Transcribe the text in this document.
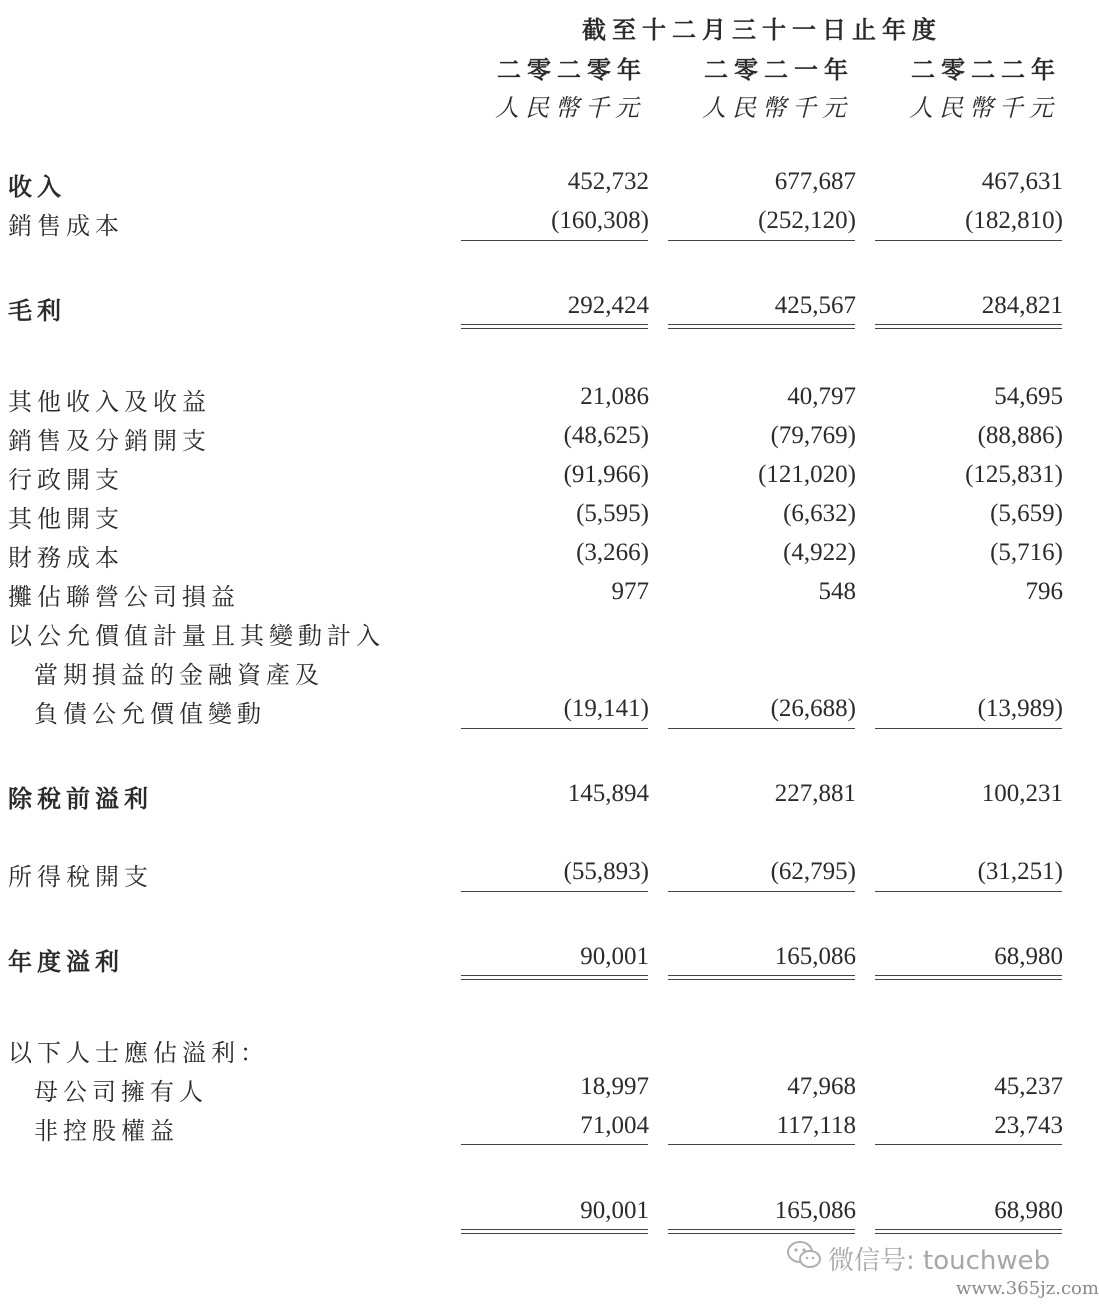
截至十二月三十一日止年度
二零二零年 二零二一年 二零二二年
人民幣千元 人民幣千元 人民幣千元
收入	452,732	677,687	467,631
銷售成本	(160,308)	(252,120)	(182,810)
毛利	292,424	425,567	284,821
其他收入及收益	21,086	40,797	54,695
銷售及分銷開支	(48,625)	(79,769)	(88,886)
行政開支	(91,966)	(121,020)	(125,831)
其他開支	(5,595)	(6,632)	(5,659)
財務成本	(3,266)	(4,922)	(5,716)
攤佔聯營公司損益	977	548	796
以公允價值計量且其變動計入
當期損益的金融資產及
負債公允價值變動	(19,141)	(26,688)	(13,989)
除稅前溢利	145,894	227,881	100,231
所得稅開支	(55,893)	(62,795)	(31,251)
年度溢利	90,001	165,086	68,980
以下人士應佔溢利：
母公司擁有人	18,997	47,968	45,237
非控股權益	71,004	117,118	23,743
90,001	165,086	68,980
微信号: touchweb
www.365jz.com
